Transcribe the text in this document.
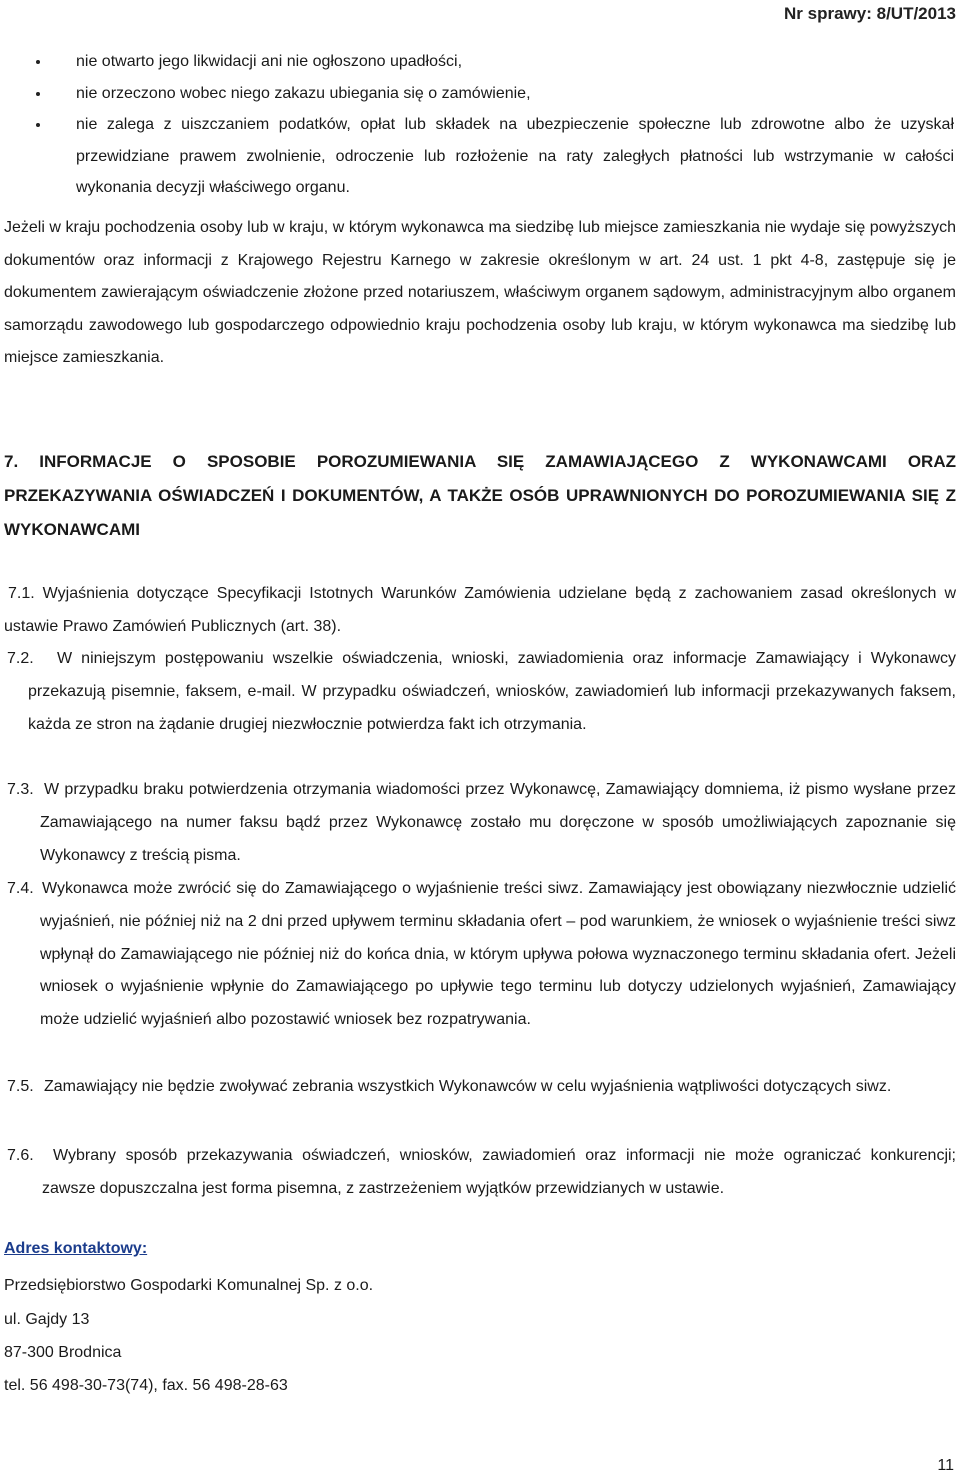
Nr sprawy: 8/UT/2013
nie otwarto jego likwidacji ani nie ogłoszono upadłości,
nie orzeczono wobec niego zakazu ubiegania się o zamówienie,
nie zalega z uiszczaniem podatków, opłat lub składek na ubezpieczenie społeczne lub zdrowotne albo że uzyskał przewidziane prawem zwolnienie, odroczenie lub rozłożenie na raty zaległych płatności lub wstrzymanie w całości wykonania decyzji właściwego organu.
Jeżeli w kraju pochodzenia osoby lub w kraju, w którym wykonawca ma siedzibę lub miejsce zamieszkania nie wydaje się powyższych dokumentów oraz informacji z Krajowego Rejestru Karnego w zakresie określonym w art. 24 ust. 1 pkt 4-8, zastępuje się je dokumentem zawierającym oświadczenie złożone przed notariuszem, właściwym organem sądowym, administracyjnym albo organem samorządu zawodowego lub gospodarczego odpowiednio kraju pochodzenia osoby lub kraju, w którym wykonawca ma siedzibę lub miejsce zamieszkania.
7. INFORMACJE O SPOSOBIE POROZUMIEWANIA SIĘ ZAMAWIAJĄCEGO Z WYKONAWCAMI ORAZ PRZEKAZYWANIA OŚWIADCZEŃ I DOKUMENTÓW, A TAKŻE OSÓB UPRAWNIONYCH DO POROZUMIEWANIA SIĘ Z WYKONAWCAMI
7.1. Wyjaśnienia dotyczące Specyfikacji Istotnych Warunków Zamówienia udzielane będą z zachowaniem zasad określonych w ustawie Prawo Zamówień Publicznych (art. 38).
7.2.	W niniejszym postępowaniu wszelkie oświadczenia, wnioski, zawiadomienia oraz informacje Zamawiający i Wykonawcy przekazują pisemnie, faksem, e-mail. W przypadku oświadczeń, wniosków, zawiadomień lub informacji przekazywanych faksem, każda ze stron na żądanie drugiej niezwłocznie potwierdza fakt ich otrzymania.
7.3. W przypadku braku potwierdzenia otrzymania wiadomości przez Wykonawcę, Zamawiający domniema, iż pismo wysłane przez Zamawiającego na numer faksu bądź przez Wykonawcę zostało mu doręczone w sposób umożliwiających zapoznanie się Wykonawcy z treścią pisma.
7.4. Wykonawca może zwrócić się do Zamawiającego o wyjaśnienie treści siwz. Zamawiający jest obowiązany niezwłocznie udzielić wyjaśnień, nie później niż na 2 dni przed upływem terminu składania ofert – pod warunkiem, że wniosek o wyjaśnienie treści siwz wpłynął do Zamawiającego nie później niż do końca dnia, w którym upływa połowa wyznaczonego terminu składania ofert. Jeżeli wniosek o wyjaśnienie wpłynie do Zamawiającego po upływie tego terminu lub dotyczy udzielonych wyjaśnień, Zamawiający może udzielić wyjaśnień albo pozostawić wniosek bez rozpatrywania.
7.5. Zamawiający nie będzie zwoływać zebrania wszystkich Wykonawców w celu wyjaśnienia wątpliwości dotyczących siwz.
7.6.	Wybrany sposób przekazywania oświadczeń, wniosków, zawiadomień oraz informacji nie może ograniczać konkurencji; zawsze dopuszczalna jest forma pisemna, z zastrzeżeniem wyjątków przewidzianych w ustawie.
Adres kontaktowy:
Przedsiębiorstwo Gospodarki Komunalnej Sp. z o.o.
ul. Gajdy 13
87-300 Brodnica
tel. 56 498-30-73(74), fax. 56 498-28-63
11
